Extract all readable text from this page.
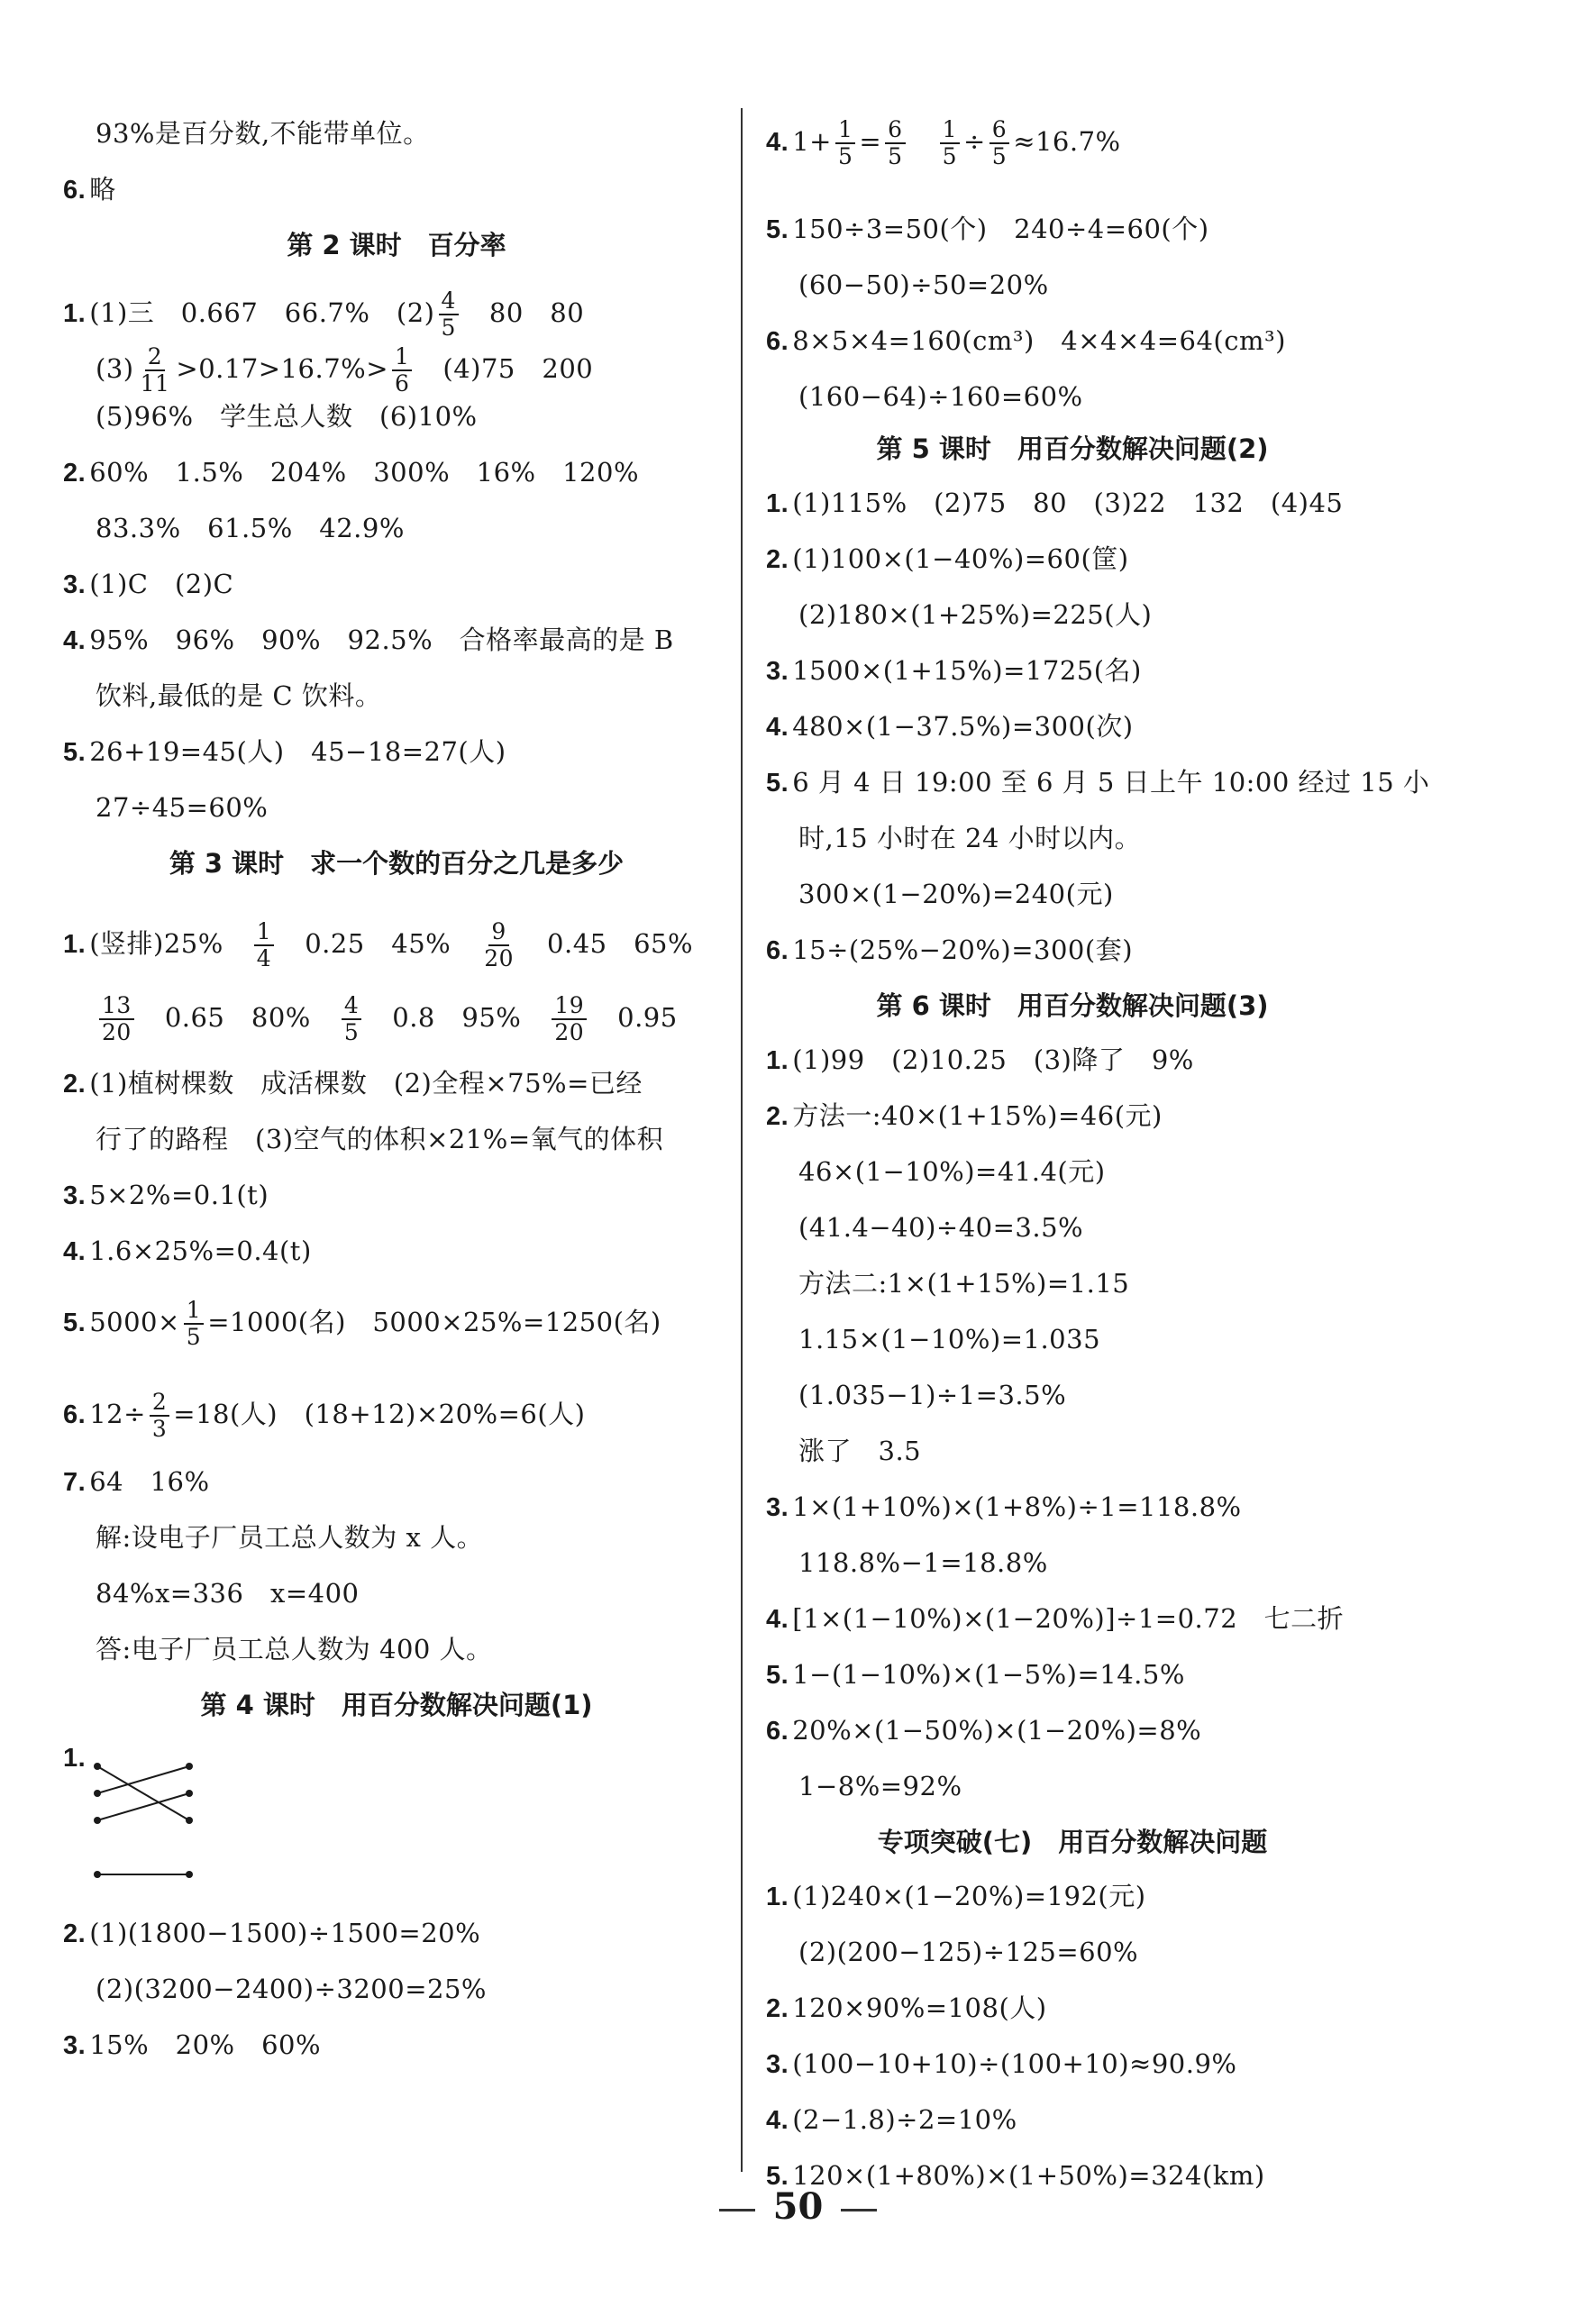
93%是百分数,不能带单位。
6. 略
第 2 课时　百分率
1. (1)三　0.667　66.7%　$(2) \frac{4}{5} 80$　80
$(3) \frac{2}{11} >0.17>16.7\%> \frac{1}{6} (4)75$　200
(5)96%　学生总人数　(6)10%
2. 60%　1.5%　204%　300%　16%　120%
83.3%　61.5%　42.9%
3. (1)C　(2)C
4. 95%　96%　90%　92.5%　合格率最高的是 B
饮料,最低的是 C 饮料。
5. 26+19=45(人)　45−18=27(人)
27÷45=60%
第 3 课时　求一个数的百分之几是多少
1. (竖排)$25\% \frac{1}{4} 0.25$　$45\% \frac{9}{20} 0.45$　65%
$\frac{13}{20} 0.65$　$80\% \frac{4}{5} 0.8$　$95\% \frac{19}{20} 0.95$
2. (1)植树棵数　成活棵数　(2)全程×75%=已经
行了的路程　(3)空气的体积×21%=氧气的体积
3. 5×2%=0.1(t)
4. 1.6×25%=0.4(t)
5. $5000\times \frac{1}{5} =1000$(名)　5000×25%=1250(名)
6. $12\div \frac{2}{3} =18$(人)　(18+12)×20%=6(人)
7. 64　16%
解:设电子厂员工总人数为 x 人。
84%x=336　x=400
答:电子厂员工总人数为 400 人。
第 4 课时　用百分数解决问题(1)
1.
2. (1)(1800−1500)÷1500=20%
(2)(3200−2400)÷3200=25%
3. 15%　20%　60%
4. $1+ \frac{1}{5} = \frac{6}{5} \frac{1}{5} \div \frac{6}{5} \approx 16.7\%$
5. 150÷3=50(个)　240÷4=60(个)
(60−50)÷50=20%
6. 8×5×4=160(cm³)　4×4×4=64(cm³)
(160−64)÷160=60%
第 5 课时　用百分数解决问题(2)
1. (1)115%　(2)75　80　(3)22　132　(4)45
2. (1)100×(1−40%)=60(筐)
(2)180×(1+25%)=225(人)
3. 1500×(1+15%)=1725(名)
4. 480×(1−37.5%)=300(次)
5. 6 月 4 日 19:00 至 6 月 5 日上午 10:00 经过 15 小
时,15 小时在 24 小时以内。
300×(1−20%)=240(元)
6. 15÷(25%−20%)=300(套)
第 6 课时　用百分数解决问题(3)
1. (1)99　(2)10.25　(3)降了　9%
2. 方法一:40×(1+15%)=46(元)
46×(1−10%)=41.4(元)
(41.4−40)÷40=3.5%
方法二:1×(1+15%)=1.15
1.15×(1−10%)=1.035
(1.035−1)÷1=3.5%
涨了　3.5
3. 1×(1+10%)×(1+8%)÷1=118.8%
118.8%−1=18.8%
4. [1×(1−10%)×(1−20%)]÷1=0.72　七二折
5. 1−(1−10%)×(1−5%)=14.5%
6. 20%×(1−50%)×(1−20%)=8%
1−8%=92%
专项突破(七)　用百分数解决问题
1. (1)240×(1−20%)=192(元)
(2)(200−125)÷125=60%
2. 120×90%=108(人)
3. (100−10+10)÷(100+10)≈90.9%
4. (2−1.8)÷2=10%
5. 120×(1+80%)×(1+50%)=324(km)
50
